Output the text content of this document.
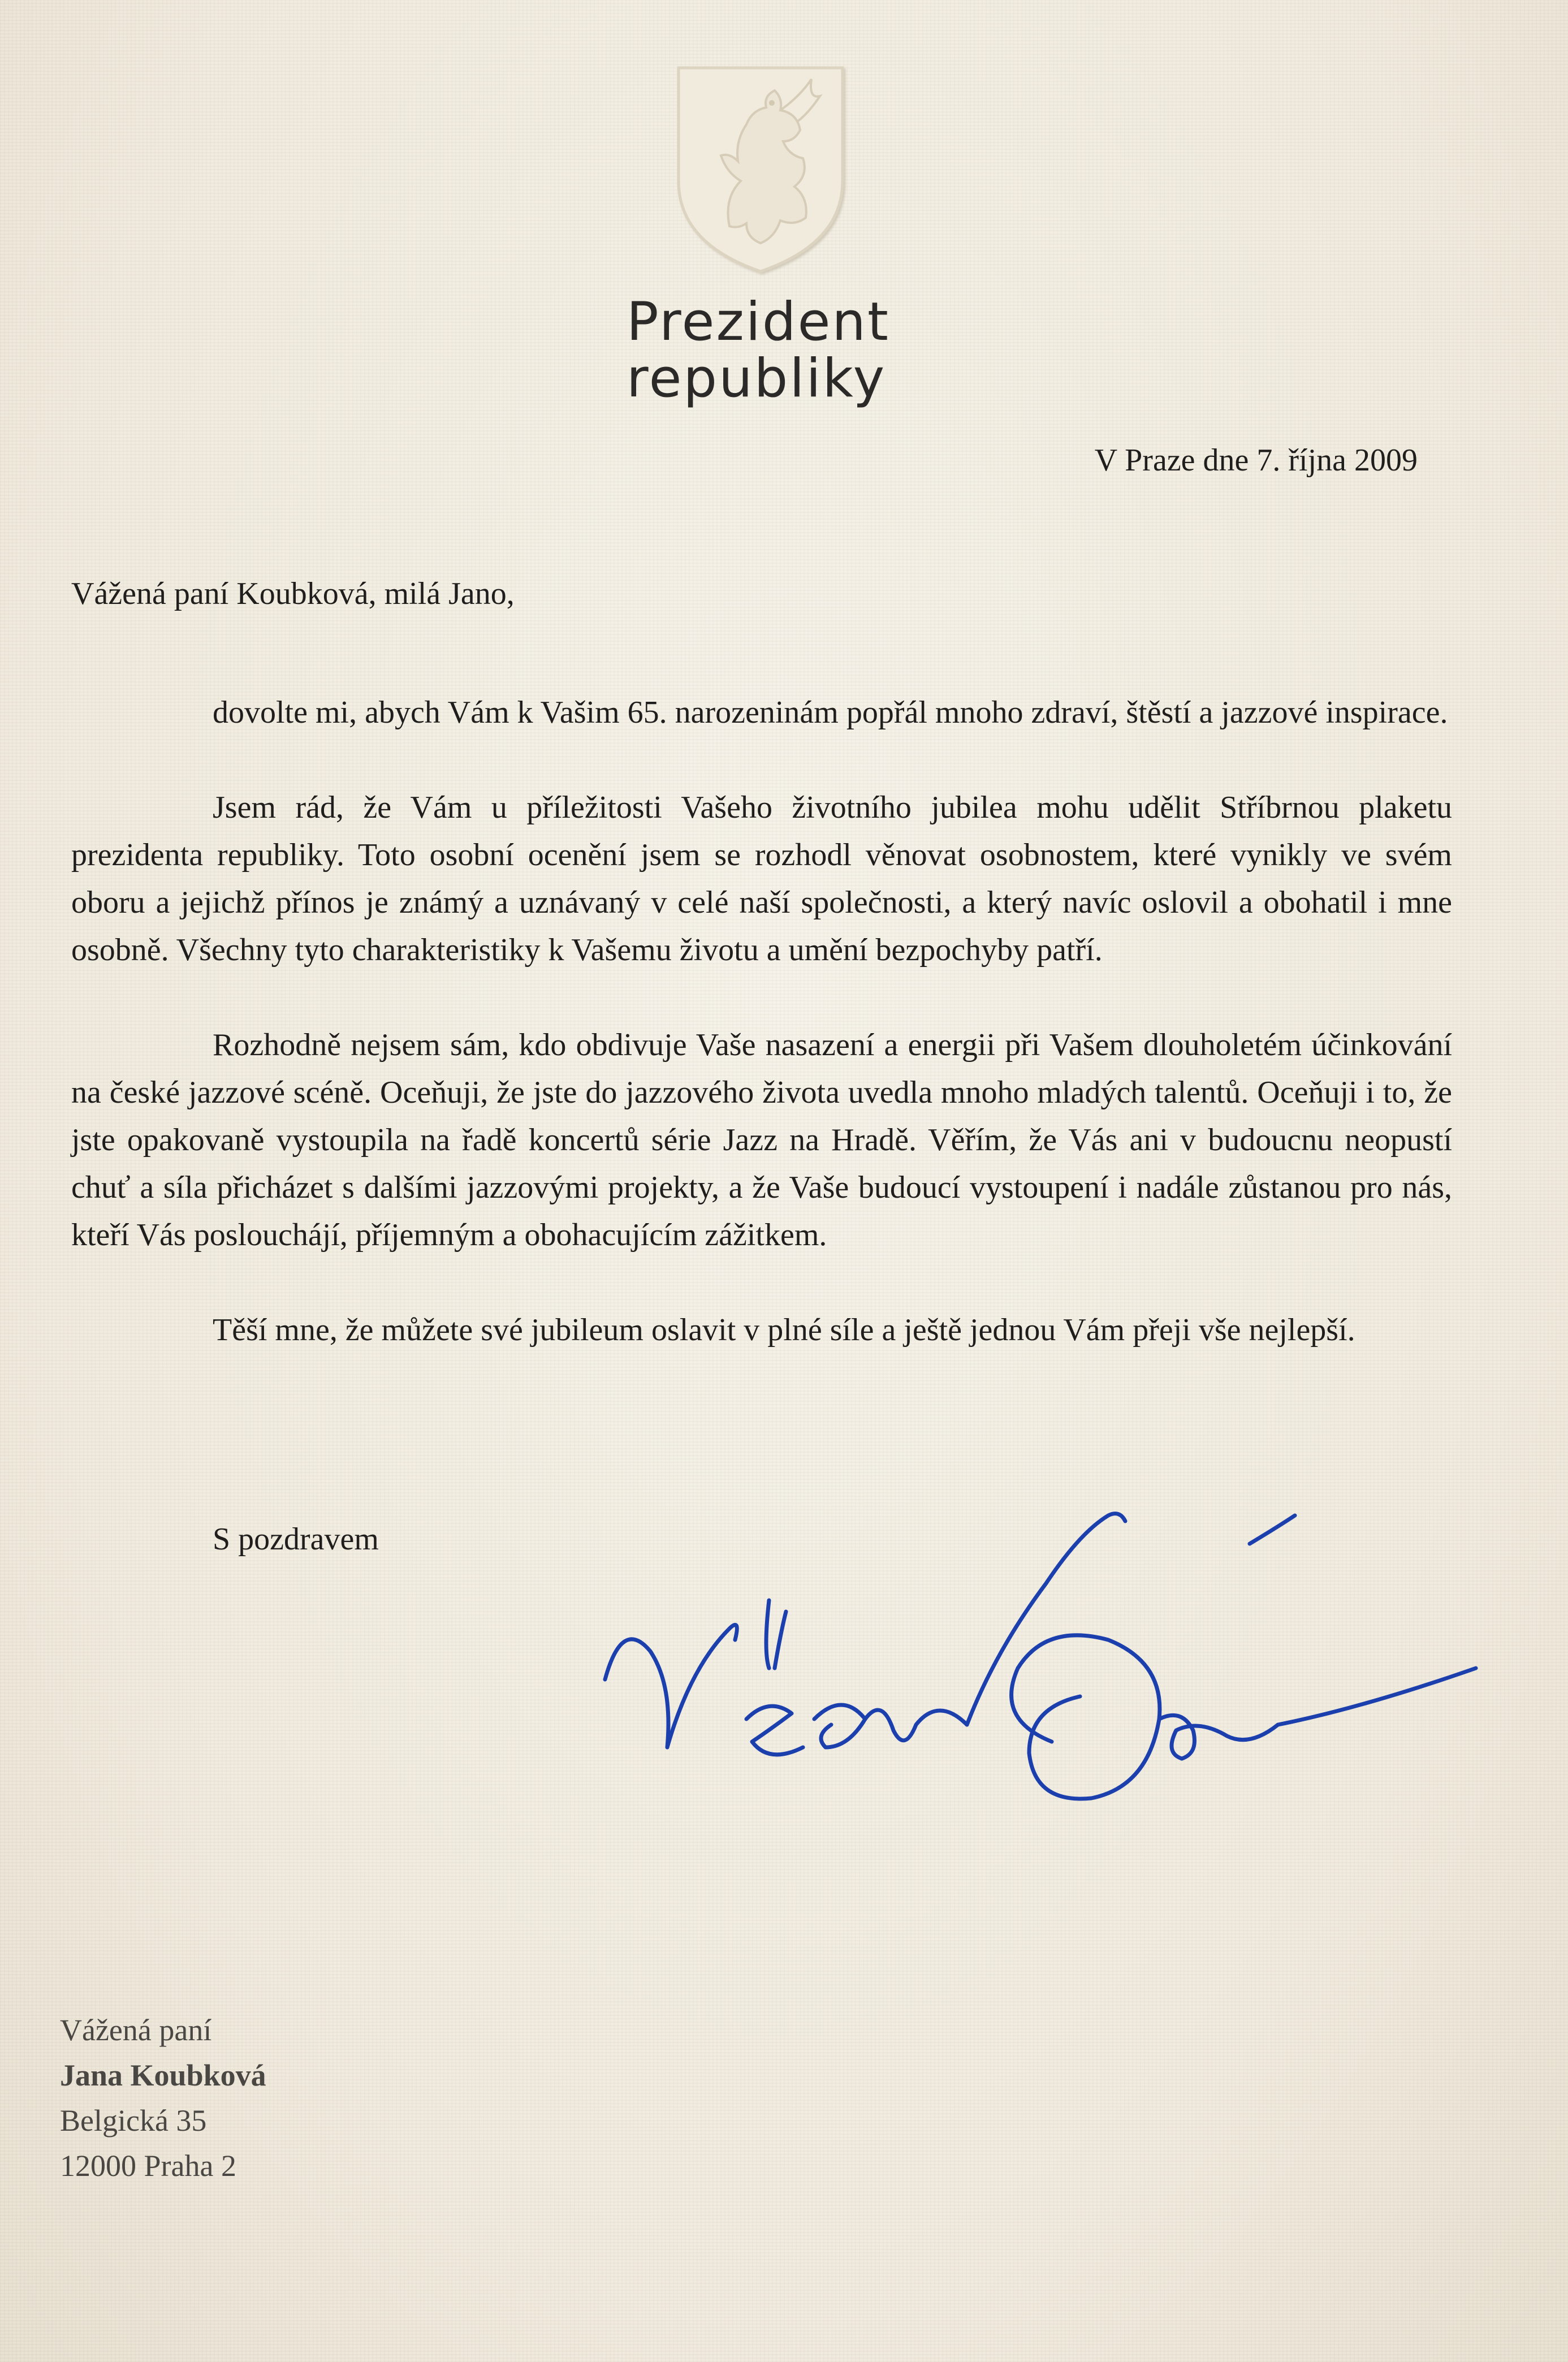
Prezident
republiky
V Praze dne 7. října 2009
Vážená paní Koubková, milá Jano,

dovolte mi, abych Vám k Vašim 65. narozeninám popřál mnoho zdraví, štěstí a jazzové inspirace.

Jsem rád, že Vám u příležitosti Vašeho životního jubilea mohu udělit Stříbrnou plaketu prezidenta republiky. Toto osobní ocenění jsem se rozhodl věnovat osobnostem, které vynikly ve svém oboru a jejichž přínos je známý a uznávaný v celé naší společnosti, a který navíc oslovil a obohatil i mne osobně. Všechny tyto charakteristiky k Vašemu životu a umění bezpochyby patří.

Rozhodně nejsem sám, kdo obdivuje Vaše nasazení a energii při Vašem dlouholetém účinkování na české jazzové scéně. Oceňuji, že jste do jazzového života uvedla mnoho mladých talentů. Oceňuji i to, že jste opakovaně vystoupila na řadě koncertů série Jazz na Hradě. Věřím, že Vás ani v budoucnu neopustí chuť a síla přicházet s dalšími jazzovými projekty, a že Vaše budoucí vystoupení i nadále zůstanou pro nás, kteří Vás poslouchájí, příjemným a obohacujícím zážitkem.

Těší mne, že můžete své jubileum oslavit v plné síle a ještě jednou Vám přeji vše nejlepší.

S pozdravem
Vážená paní
Jana Koubková
Belgická 35
12000 Praha 2
